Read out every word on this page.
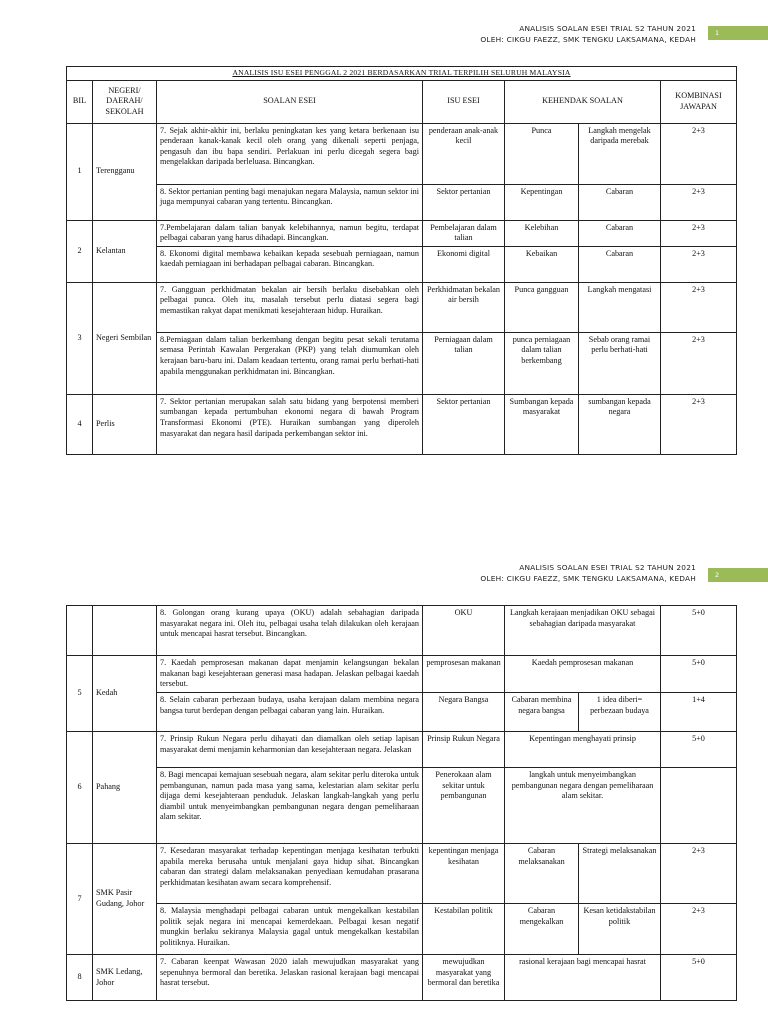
ANALISIS SOALAN ESEI TRIAL S2 TAHUN 2021
OLEH: CIKGU FAEZZ, SMK TENGKU LAKSAMANA, KEDAH
1
ANALISIS ISU ESEI PENGGAL 2 2021 BERDASARKAN TRIAL TERPILIH SELURUH MALAYSIA						
BIL	NEGERI/ DAERAH/ SEKOLAH	SOALAN ESEI	ISU ESEI	KEHENDAK SOALAN		KOMBINASI JAWAPAN
1	Terengganu	7. Sejak akhir-akhir ini, berlaku peningkatan kes yang ketara berkenaan isu penderaan kanak-kanak kecil oleh orang yang dikenali seperti penjaga, pengasuh dan ibu bapa sendiri. Perlakuan ini perlu dicegah segera bagi mengelakkan daripada berleluasa. Bincangkan.	penderaan anak-anak kecil	Punca	Langkah mengelak daripada merebak	2+3
		8. Sektor pertanian penting bagi menajukan negara Malaysia, namun sektor ini juga mempunyai cabaran yang tertentu. Bincangkan.	Sektor pertanian	Kepentingan	Cabaran	2+3
2	Kelantan	7.Pembelajaran dalam talian banyak kelebihannya, namun begitu, terdapat pelbagai cabaran yang harus dihadapi. Bincangkan.	Pembelajaran dalam talian	Kelebihan	Cabaran	2+3
		8. Ekonomi digital membawa kebaikan kepada sesebuah perniagaan, namun kaedah perniagaan ini berhadapan pelbagai cabaran. Bincangkan.	Ekonomi digital	Kebaikan	Cabaran	2+3
3	Negeri Sembilan	7. Gangguan perkhidmatan bekalan air bersih berlaku disebabkan oleh pelbagai punca. Oleh itu, masalah tersebut perlu diatasi segera bagi memastikan rakyat dapat menikmati kesejahteraan hidup. Huraikan.	Perkhidmatan bekalan air bersih	Punca gangguan	Langkah mengatasi	2+3
		8.Perniagaan dalam talian berkembang dengan begitu pesat sekali terutama semasa Perintah Kawalan Pergerakan (PKP) yang telah diumumkan oleh kerajaan baru-baru ini. Dalam keadaan tertentu, orang ramai perlu berhati-hati apabila menggunakan perkhidmatan ini. Bincangkan.	Perniagaan dalam talian	punca perniagaan dalam talian berkembang	Sebab orang ramai perlu berhati-hati	2+3
4	Perlis	7. Sektor pertanian merupakan salah satu bidang yang berpotensi memberi sumbangan kepada pertumbuhan ekonomi negara di bawah Program Transformasi Ekonomi (PTE). Huraikan sumbangan yang diperoleh masyarakat dan negara hasil daripada perkembangan sektor ini.	Sektor pertanian	Sumbangan kepada masyarakat	sumbangan kepada negara	2+3
ANALISIS SOALAN ESEI TRIAL S2 TAHUN 2021
OLEH: CIKGU FAEZZ, SMK TENGKU LAKSAMANA, KEDAH	2
		8. Golongan orang kurang upaya (OKU) adalah sebahagian daripada masyarakat negara ini. Oleh itu, pelbagai usaha telah dilakukan oleh kerajaan untuk mencapai hasrat tersebut. Bincangkan.	OKU	Langkah kerajaan menjadikan OKU sebagai sebahagian daripada masyarakat		5+0
5	Kedah	7. Kaedah pemprosesan makanan dapat menjamin kelangsungan bekalan makanan bagi kesejahteraan generasi masa hadapan. Jelaskan pelbagai kaedah tersebut.	pemprosesan makanan	Kaedah pemprosesan makanan		5+0
		8. Selain cabaran perbezaan budaya, usaha kerajaan dalam membina negara bangsa turut berdepan dengan pelbagai cabaran yang lain. Huraikan.	Negara Bangsa	Cabaran membina negara bangsa	1 idea diberi= perbezaan budaya	1+4
6	Pahang	7. Prinsip Rukun Negara perlu dihayati dan diamalkan oleh setiap lapisan masyarakat demi menjamin keharmonian dan kesejahteraan negara. Jelaskan	Prinsip Rukun Negara	Kepentingan menghayati prinsip		5+0
		8. Bagi mencapai kemajuan sesebuah negara, alam sekitar perlu diteroka untuk pembangunan, namun pada masa yang sama, kelestarian alam sekitar perlu dijaga demi kesejahteraan penduduk. Jelaskan langkah-langkah yang perlu diambil untuk menyeimbangkan pembangunan negara dengan pemeliharaan alam sekitar.	Penerokaan alam sekitar untuk pembangunan	langkah untuk menyeimbangkan pembangunan negara dengan pemeliharaan alam sekitar.		
7	SMK Pasir Gudang, Johor	7. Kesedaran masyarakat terhadap kepentingan menjaga kesihatan terbukti apabila mereka berusaha untuk menjalani gaya hidup sihat. Bincangkan cabaran dan strategi dalam melaksanakan penyediaan kemudahan prasarana perkhidmatan kesihatan awam secara komprehensif.	kepentingan menjaga kesihatan	Cabaran melaksanakan	Strategi melaksanakan	2+3
		8. Malaysia menghadapi pelbagai cabaran untuk mengekalkan kestabilan politik sejak negara ini mencapai kemerdekaan. Pelbagai kesan negatif mungkin berlaku sekiranya Malaysia gagal untuk mengekalkan kestabilan politiknya. Huraikan.	Kestabilan politik	Cabaran mengekalkan	Kesan ketidakstabilan politik	2+3
8	SMK Ledang, Johor	7. Cabaran keenpat Wawasan 2020 ialah mewujudkan masyarakat yang sepenuhnya bermoral dan beretika. Jelaskan rasional kerajaan bagi mencapai hasrat tersebut.	mewujudkan masyarakat yang bermoral dan beretika	rasional kerajaan bagi mencapai hasrat		5+0
